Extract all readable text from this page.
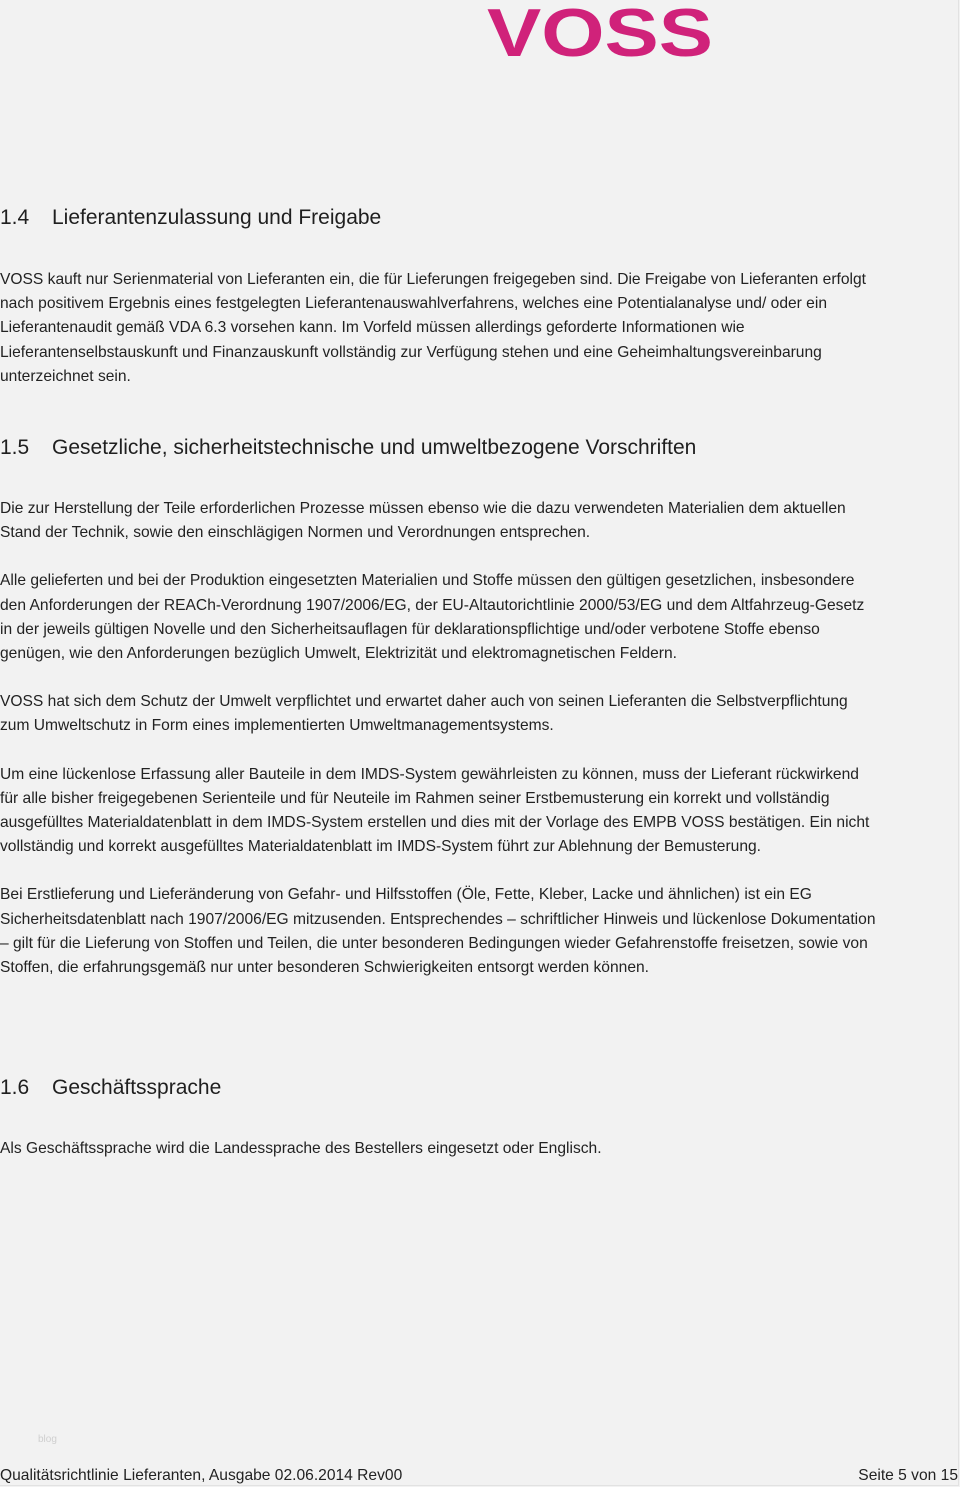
VOSS
1.4 Lieferantenzulassung und Freigabe

VOSS kauft nur Serienmaterial von Lieferanten ein, die für Lieferungen freigegeben sind. Die Freigabe von Lieferanten erfolgt nach positivem Ergebnis eines festgelegten Lieferantenauswahlverfahrens, welches eine Potentialanalyse und/ oder ein Lieferantenaudit gemäß VDA 6.3 vorsehen kann. Im Vorfeld müssen allerdings geforderte Informationen wie Lieferantenselbstauskunft und Finanzauskunft vollständig zur Verfügung stehen und eine Geheimhaltungsvereinbarung unterzeichnet sein.

1.5 Gesetzliche, sicherheitstechnische und umweltbezogene Vorschriften

Die zur Herstellung der Teile erforderlichen Prozesse müssen ebenso wie die dazu verwendeten Materialien dem aktuellen Stand der Technik, sowie den einschlägigen Normen und Verordnungen entsprechen.

Alle gelieferten und bei der Produktion eingesetzten Materialien und Stoffe müssen den gültigen gesetzlichen, insbesondere den Anforderungen der REACh-Verordnung 1907/2006/EG, der EU-Altautorichtlinie 2000/53/EG und dem Altfahrzeug-Gesetz in der jeweils gültigen Novelle und den Sicherheitsauflagen für deklarationspflichtige und/oder verbotene Stoffe ebenso genügen, wie den Anforderungen bezüglich Umwelt, Elektrizität und elektromagnetischen Feldern.

VOSS hat sich dem Schutz der Umwelt verpflichtet und erwartet daher auch von seinen Lieferanten die Selbstverpflichtung zum Umweltschutz in Form eines implementierten Umweltmanagementsystems.

Um eine lückenlose Erfassung aller Bauteile in dem IMDS-System gewährleisten zu können, muss der Lieferant rückwirkend für alle bisher freigegebenen Serienteile und für Neuteile im Rahmen seiner Erstbemusterung ein korrekt und vollständig ausgefülltes Materialdatenblatt in dem IMDS-System erstellen und dies mit der Vorlage des EMPB VOSS bestätigen. Ein nicht vollständig und korrekt ausgefülltes Materialdatenblatt im IMDS-System führt zur Ablehnung der Bemusterung.

Bei Erstlieferung und Lieferänderung von Gefahr- und Hilfsstoffen (Öle, Fette, Kleber, Lacke und ähnlichen) ist ein EG Sicherheitsdatenblatt nach 1907/2006/EG mitzusenden. Entsprechendes – schriftlicher Hinweis und lückenlose Dokumentation – gilt für die Lieferung von Stoffen und Teilen, die unter besonderen Bedingungen wieder Gefahrenstoffe freisetzen, sowie von Stoffen, die erfahrungsgemäß nur unter besonderen Schwierigkeiten entsorgt werden können.

1.6 Geschäftssprache

Als Geschäftssprache wird die Landessprache des Bestellers eingesetzt oder Englisch.

blog
Qualitätsrichtlinie Lieferanten, Ausgabe 02.06.2014 Rev00	Seite 5 von 15
